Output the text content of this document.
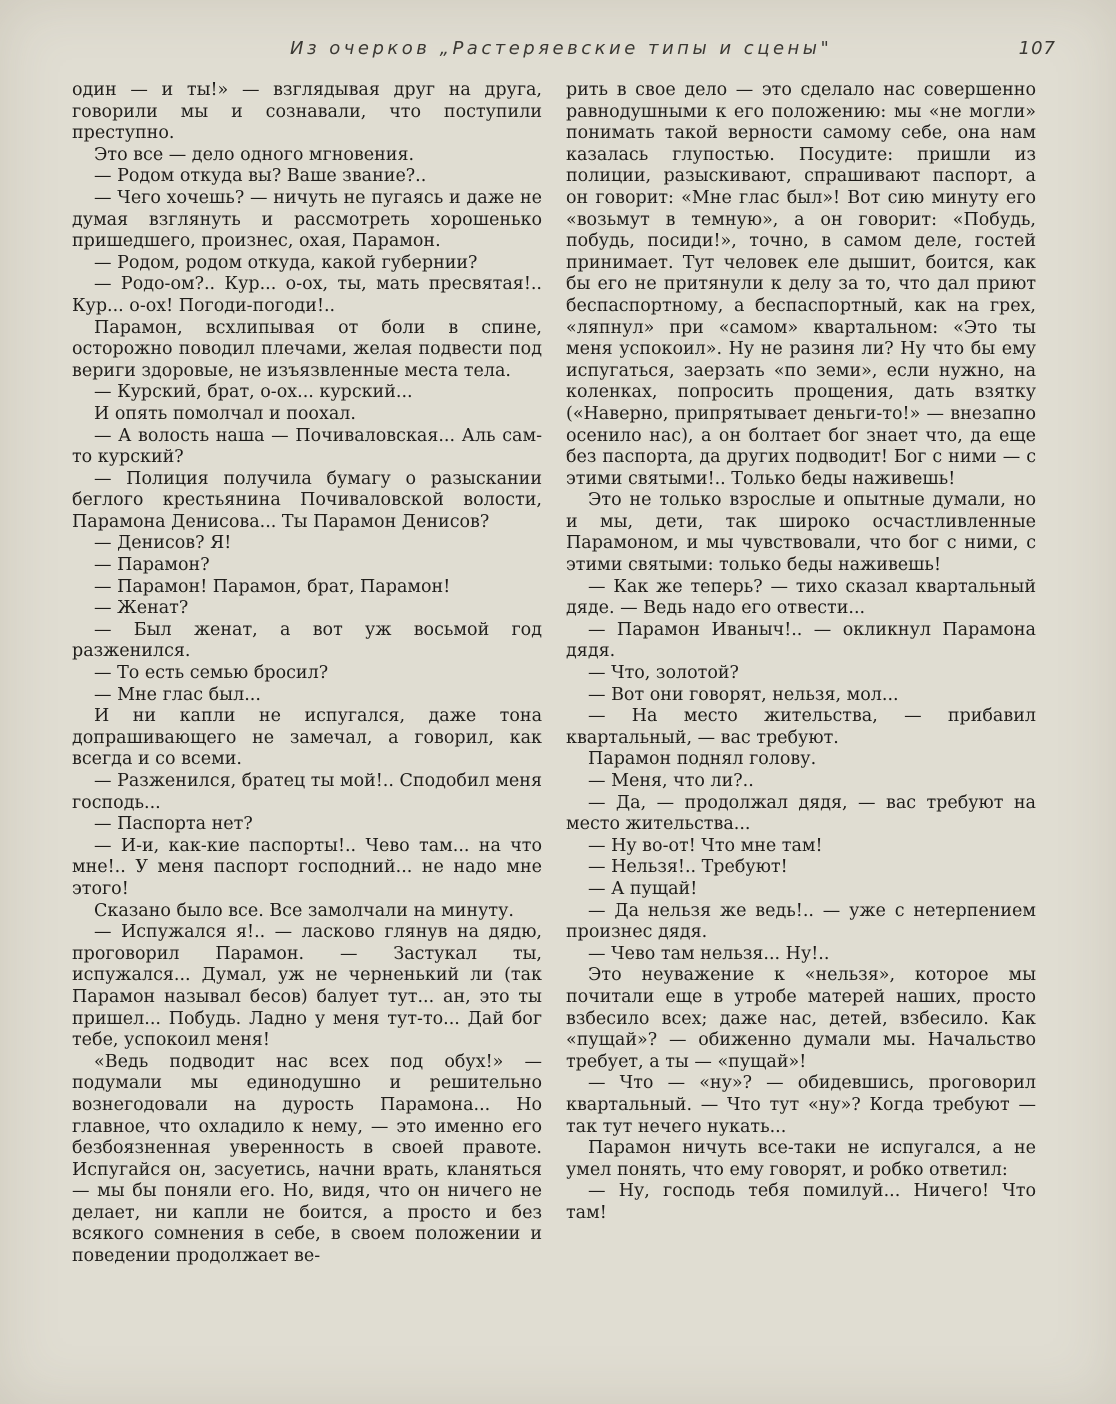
Из очерков „Растеряевские типы и сцены"	107

один — и ты!» — взглядывая друг на друга, говорили мы и сознавали, что поступили преступно.

Это все — дело одного мгновения.

— Родом откуда вы? Ваше звание?..

— Чего хочешь? — ничуть не пугаясь и даже не думая взглянуть и рассмотреть хорошенько пришедшего, произнес, охая, Парамон.

— Родом, родом откуда, какой губернии?

— Родо-ом?.. Кур... о-ох, ты, мать пресвятая!.. Кур... о-ох! Погоди-погоди!..

Парамон, всхлипывая от боли в спине, осторожно поводил плечами, желая подвести под вериги здоровые, не изъязвленные места тела.

— Курский, брат, о-ох... курский...

И опять помолчал и поохал.

— А волость наша — Почиваловская... Аль сам-то курский?

— Полиция получила бумагу о разыскании беглого крестьянина Почиваловской волости, Парамона Денисова... Ты Парамон Денисов?

— Денисов? Я!

— Парамон?

— Парамон! Парамон, брат, Парамон!

— Женат?

— Был женат, а вот уж восьмой год разженился.

— То есть семью бросил?

— Мне глас был...

И ни капли не испугался, даже тона допрашивающего не замечал, а говорил, как всегда и со всеми.

— Разженился, братец ты мой!.. Сподобил меня господь...

— Паспорта нет?

— И-и, как-кие паспорты!.. Чево там... на что мне!.. У меня паспорт господний... не надо мне этого!

Сказано было все. Все замолчали на минуту.

— Испужался я!.. — ласково глянув на дядю, проговорил Парамон. — Застукал ты, испужался... Думал, уж не черненький ли (так Парамон называл бесов) балует тут... ан, это ты пришел... Побудь. Ладно у меня тут-то... Дай бог тебе, успокоил меня!

«Ведь подводит нас всех под обух!» — подумали мы единодушно и решительно вознегодовали на дурость Парамона... Но главное, что охладило к нему, — это именно его безбоязненная уверенность в своей правоте. Испугайся он, засуетись, начни врать, кланяться — мы бы поняли его. Но, видя, что он ничего не делает, ни капли не боится, а просто и без всякого сомнения в себе, в своем положении и поведении продолжает ве-

рить в свое дело — это сделало нас совершенно равнодушными к его положению: мы «не могли» понимать такой верности самому себе, она нам казалась глупостью. Посудите: пришли из полиции, разыскивают, спрашивают паспорт, а он говорит: «Мне глас был»! Вот сию минуту его «возьмут в темную», а он говорит: «Побудь, побудь, посиди!», точно, в самом деле, гостей принимает. Тут человек еле дышит, боится, как бы его не притянули к делу за то, что дал приют беспаспортному, а беспаспортный, как на грех, «ляпнул» при «самом» квартальном: «Это ты меня успокоил». Ну не разиня ли? Ну что бы ему испугаться, заерзать «по земи», если нужно, на коленках, попросить прощения, дать взятку («Наверно, припрятывает деньги-то!» — внезапно осенило нас), а он болтает бог знает что, да еще без паспорта, да других подводит! Бог с ними — с этими святыми!.. Только беды наживешь!

Это не только взрослые и опытные думали, но и мы, дети, так широко осчастливленные Парамоном, и мы чувствовали, что бог с ними, с этими святыми: только беды наживешь!

— Как же теперь? — тихо сказал квартальный дяде. — Ведь надо его отвести...

— Парамон Иваныч!.. — окликнул Парамона дядя.

— Что, золотой?

— Вот они говорят, нельзя, мол...

— На место жительства, — прибавил квартальный, — вас требуют.

Парамон поднял голову.

— Меня, что ли?..

— Да, — продолжал дядя, — вас требуют на место жительства...

— Ну во-от! Что мне там!

— Нельзя!.. Требуют!

— А пущай!

— Да нельзя же ведь!.. — уже с нетерпением произнес дядя.

— Чево там нельзя... Ну!..

Это неуважение к «нельзя», которое мы почитали еще в утробе матерей наших, просто взбесило всех; даже нас, детей, взбесило. Как «пущай»? — обиженно думали мы. Начальство требует, а ты — «пущай»!

— Что — «ну»? — обидевшись, проговорил квартальный. — Что тут «ну»? Когда требуют — так тут нечего нукать...

Парамон ничуть все-таки не испугался, а не умел понять, что ему говорят, и робко ответил:

— Ну, господь тебя помилуй... Ничего! Что там!
